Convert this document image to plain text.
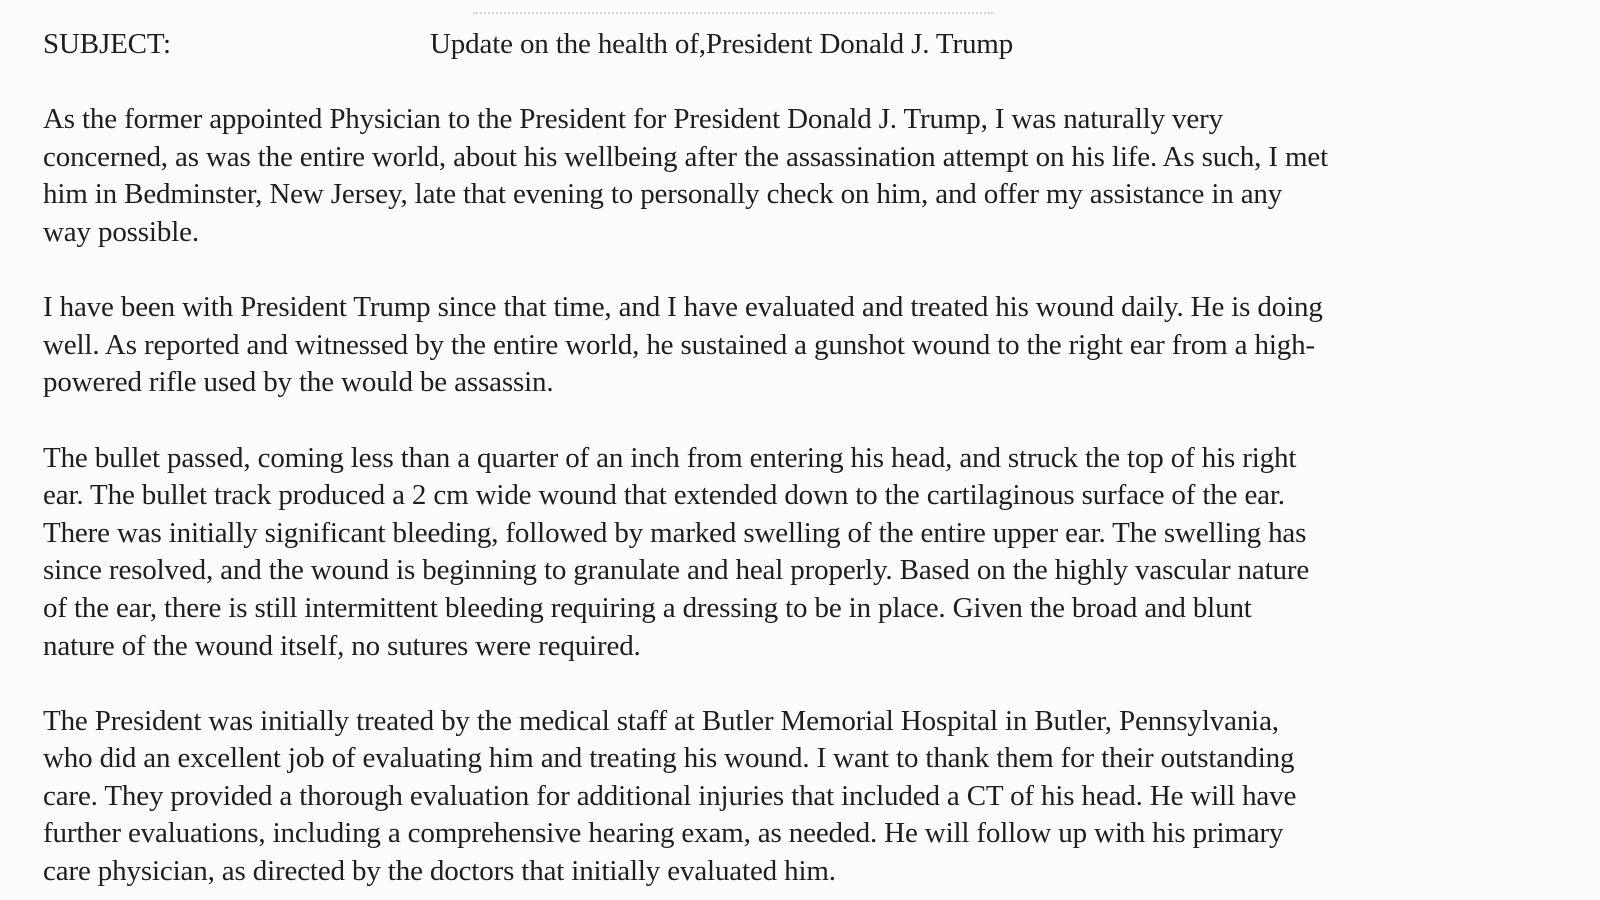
SUBJECT:	Update on the health of,President Donald J. Trump
As the former appointed Physician to the President for President Donald J. Trump, I was naturally very
concerned, as was the entire world, about his wellbeing after the assassination attempt on his life. As such, I met
him in Bedminster, New Jersey, late that evening to personally check on him, and offer my assistance in any
way possible.
I have been with President Trump since that time, and I have evaluated and treated his wound daily. He is doing
well. As reported and witnessed by the entire world, he sustained a gunshot wound to the right ear from a high-
powered rifle used by the would be assassin.
The bullet passed, coming less than a quarter of an inch from entering his head, and struck the top of his right
ear. The bullet track produced a 2 cm wide wound that extended down to the cartilaginous surface of the ear.
There was initially significant bleeding, followed by marked swelling of the entire upper ear. The swelling has
since resolved, and the wound is beginning to granulate and heal properly. Based on the highly vascular nature
of the ear, there is still intermittent bleeding requiring a dressing to be in place. Given the broad and blunt
nature of the wound itself, no sutures were required.
The President was initially treated by the medical staff at Butler Memorial Hospital in Butler, Pennsylvania,
who did an excellent job of evaluating him and treating his wound. I want to thank them for their outstanding
care. They provided a thorough evaluation for additional injuries that included a CT of his head. He will have
further evaluations, including a comprehensive hearing exam, as needed. He will follow up with his primary
care physician, as directed by the doctors that initially evaluated him.
